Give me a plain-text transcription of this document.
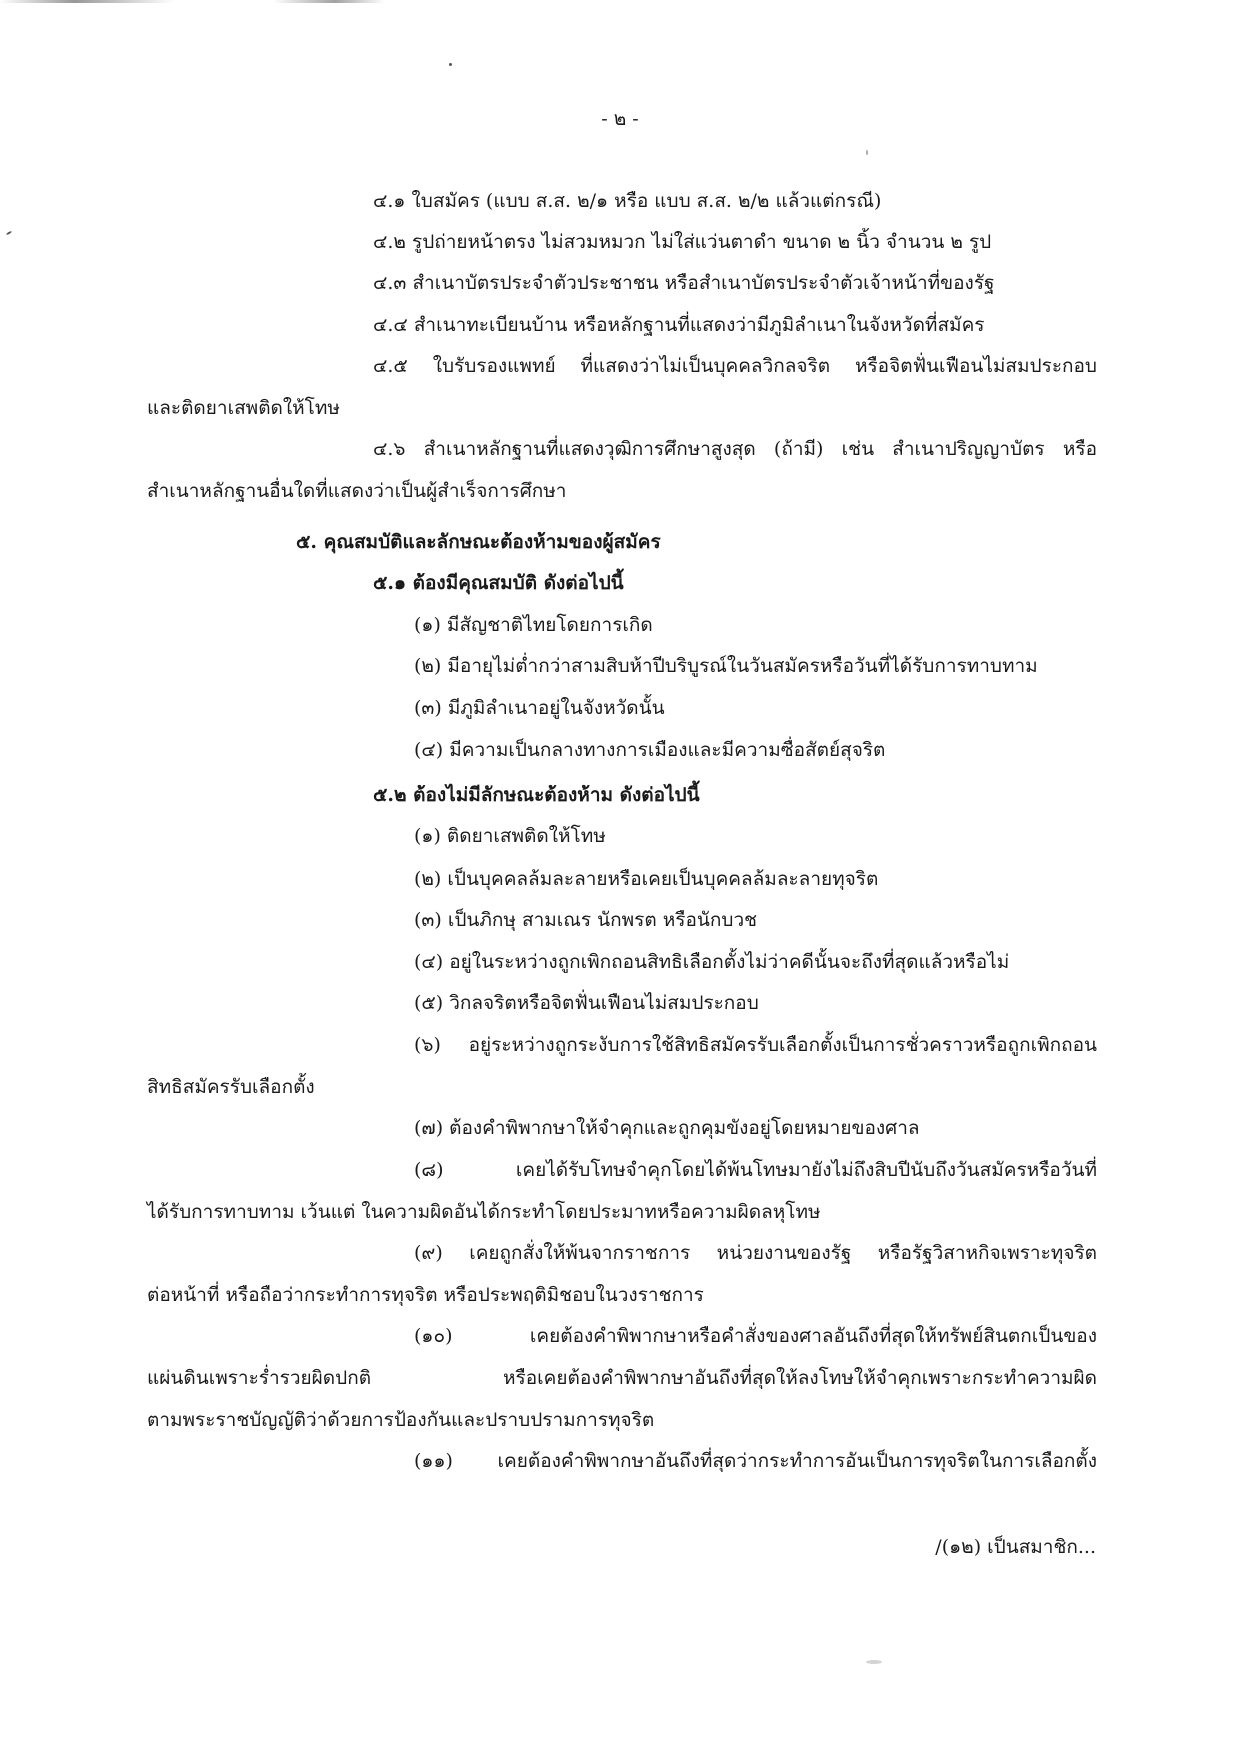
- ๒ -
๔.๑ ใบสมัคร (แบบ ส.ส. ๒/๑ หรือ แบบ ส.ส. ๒/๒ แล้วแต่กรณี)
๔.๒ รูปถ่ายหน้าตรง ไม่สวมหมวก ไม่ใส่แว่นตาดำ ขนาด ๒ นิ้ว จำนวน ๒ รูป
๔.๓ สำเนาบัตรประจำตัวประชาชน หรือสำเนาบัตรประจำตัวเจ้าหน้าที่ของรัฐ
๔.๔ สำเนาทะเบียนบ้าน หรือหลักฐานที่แสดงว่ามีภูมิลำเนาในจังหวัดที่สมัคร
๔.๕ ใบรับรองแพทย์ ที่แสดงว่าไม่เป็นบุคคลวิกลจริต หรือจิตฟั่นเฟือนไม่สมประกอบ
และติดยาเสพติดให้โทษ
๔.๖ สำเนาหลักฐานที่แสดงวุฒิการศึกษาสูงสุด (ถ้ามี) เช่น สำเนาปริญญาบัตร หรือ
สำเนาหลักฐานอื่นใดที่แสดงว่าเป็นผู้สำเร็จการศึกษา
๕. คุณสมบัติและลักษณะต้องห้ามของผู้สมัคร
๕.๑ ต้องมีคุณสมบัติ ดังต่อไปนี้
(๑) มีสัญชาติไทยโดยการเกิด
(๒) มีอายุไม่ต่ำกว่าสามสิบห้าปีบริบูรณ์ในวันสมัครหรือวันที่ได้รับการทาบทาม
(๓) มีภูมิลำเนาอยู่ในจังหวัดนั้น
(๔) มีความเป็นกลางทางการเมืองและมีความซื่อสัตย์สุจริต
๕.๒ ต้องไม่มีลักษณะต้องห้าม ดังต่อไปนี้
(๑) ติดยาเสพติดให้โทษ
(๒) เป็นบุคคลล้มละลายหรือเคยเป็นบุคคลล้มละลายทุจริต
(๓) เป็นภิกษุ สามเณร นักพรต หรือนักบวช
(๔) อยู่ในระหว่างถูกเพิกถอนสิทธิเลือกตั้งไม่ว่าคดีนั้นจะถึงที่สุดแล้วหรือไม่
(๕) วิกลจริตหรือจิตฟั่นเฟือนไม่สมประกอบ
(๖) อยู่ระหว่างถูกระงับการใช้สิทธิสมัครรับเลือกตั้งเป็นการชั่วคราวหรือถูกเพิกถอน
สิทธิสมัครรับเลือกตั้ง
(๗) ต้องคำพิพากษาให้จำคุกและถูกคุมขังอยู่โดยหมายของศาล
(๘) เคยได้รับโทษจำคุกโดยได้พ้นโทษมายังไม่ถึงสิบปีนับถึงวันสมัครหรือวันที่
ได้รับการทาบทาม เว้นแต่ ในความผิดอันได้กระทำโดยประมาทหรือความผิดลหุโทษ
(๙) เคยถูกสั่งให้พ้นจากราชการ หน่วยงานของรัฐ หรือรัฐวิสาหกิจเพราะทุจริต
ต่อหน้าที่ หรือถือว่ากระทำการทุจริต หรือประพฤติมิชอบในวงราชการ
(๑๐) เคยต้องคำพิพากษาหรือคำสั่งของศาลอันถึงที่สุดให้ทรัพย์สินตกเป็นของ
แผ่นดินเพราะร่ำรวยผิดปกติ หรือเคยต้องคำพิพากษาอันถึงที่สุดให้ลงโทษให้จำคุกเพราะกระทำความผิด
ตามพระราชบัญญัติว่าด้วยการป้องกันและปราบปรามการทุจริต
(๑๑) เคยต้องคำพิพากษาอันถึงที่สุดว่ากระทำการอันเป็นการทุจริตในการเลือกตั้ง
/(๑๒) เป็นสมาชิก...
